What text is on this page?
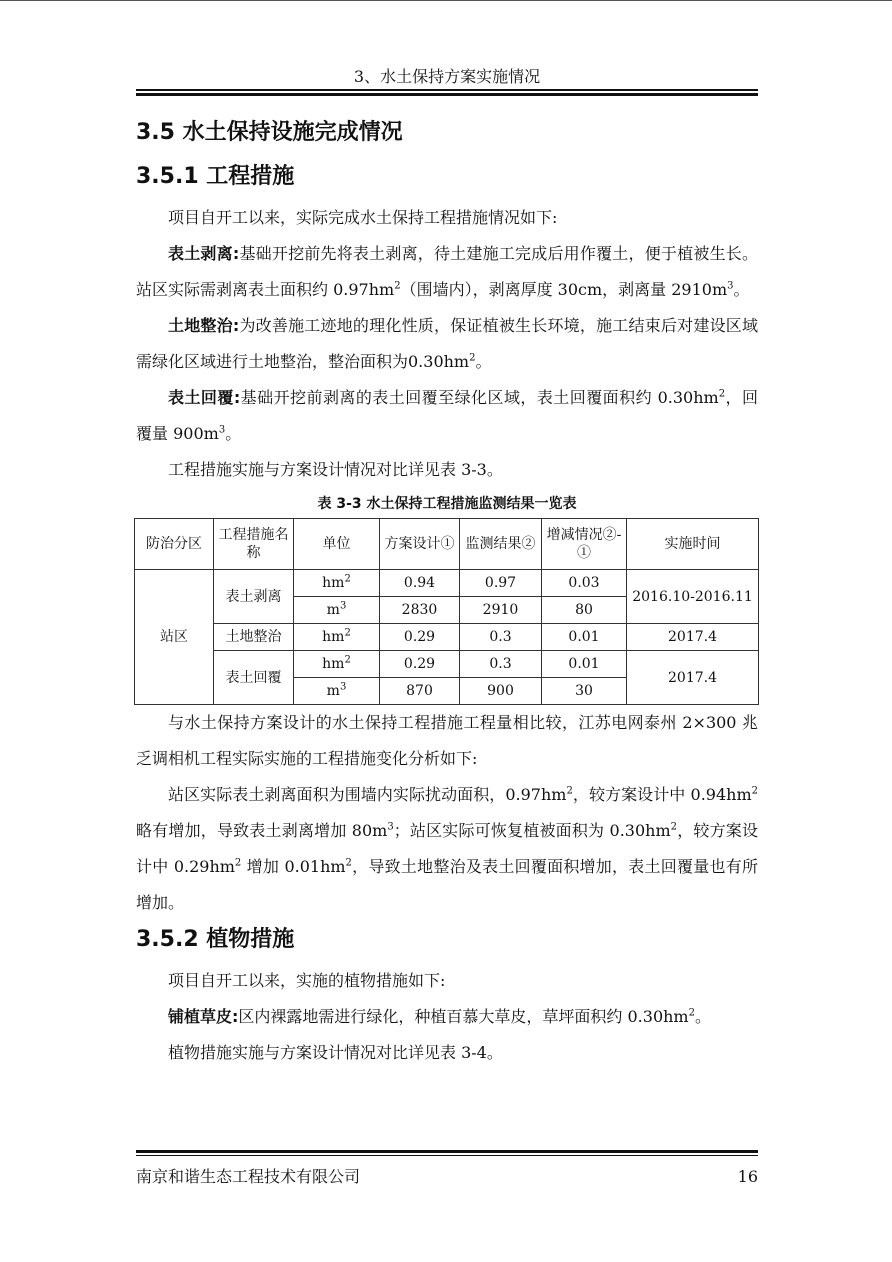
3、水土保持方案实施情况
3.5 水土保持设施完成情况
3.5.1 工程措施

项目自开工以来，实际完成水土保持工程措施情况如下:

表土剥离:基础开挖前先将表土剥离，待土建施工完成后用作覆土，便于植被生长。站区实际需剥离表土面积约 $0.97hm^2$（围墙内），剥离厚度 30cm，剥离量 $2910m^3$。

土地整治:为改善施工迹地的理化性质，保证植被生长环境，施工结束后对建设区域需绿化区域进行土地整治，整治面积为$0.30hm^2$。

表土回覆:基础开挖前剥离的表土回覆至绿化区域，表土回覆面积约 $0.30hm^2$，回覆量 $900m^3$。

工程措施实施与方案设计情况对比详见表 3-3。

表 3-3 水土保持工程措施监测结果一览表
防治分区	工程措施名称	单位	方案设计①	监测结果②	增减情况②-①	实施时间
站区	表土剥离	$hm^2$	0.94	0.97	0.03	2016.10-2016.11
		$m^3$	2830	2910	80	
	土地整治	$hm^2$	0.29	0.3	0.01	2017.4
	表土回覆	$hm^2$	0.29	0.3	0.01	2017.4
		$m^3$	870	900	30	

与水土保持方案设计的水土保持工程措施工程量相比较，江苏电网泰州 2×300 兆乏调相机工程实际实施的工程措施变化分析如下:

站区实际表土剥离面积为围墙内实际扰动面积，$0.97hm^2$，较方案设计中 $0.94hm^2$ 略有增加，导致表土剥离增加 $80m^3$；站区实际可恢复植被面积为 $0.30hm^2$，较方案设计中 $0.29hm^2$ 增加 $0.01hm^2$，导致土地整治及表土回覆面积增加，表土回覆量也有所增加。

3.5.2 植物措施

项目自开工以来，实施的植物措施如下:

铺植草皮:区内裸露地需进行绿化，种植百慕大草皮，草坪面积约 $0.30hm^2$。

植物措施实施与方案设计情况对比详见表 3-4。

南京和谐生态工程技术有限公司	16
